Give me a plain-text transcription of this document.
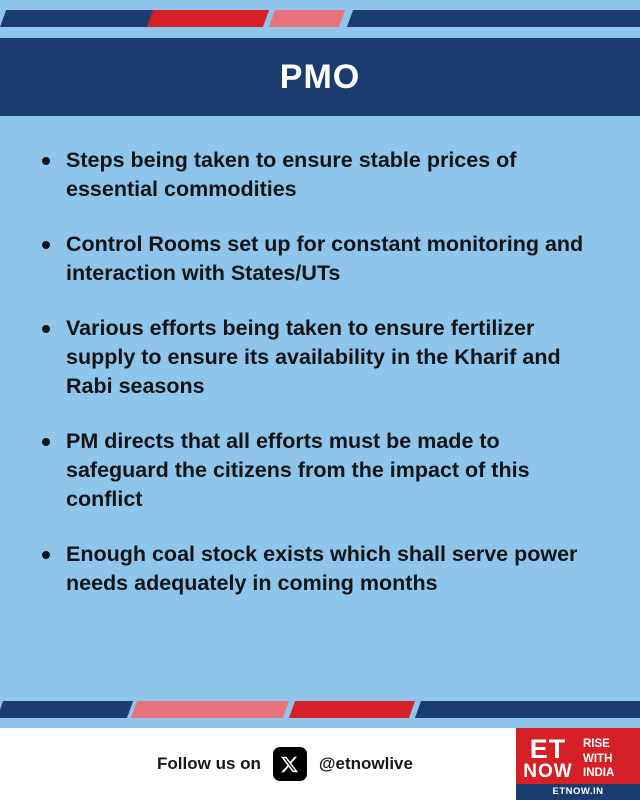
PMO
Steps being taken to ensure stable prices of essential commodities
Control Rooms set up for constant monitoring and interaction with States/UTs
Various efforts being taken to ensure fertilizer supply to ensure its availability in the Kharif and Rabi seasons
PM directs that all efforts must be made to safeguard the citizens from the impact of this conflict
Enough coal stock exists which shall serve power needs adequately in coming months
Follow us on	@etnowlive	ET
NOW
RISE
WITH
INDIA
ETNOW.IN
